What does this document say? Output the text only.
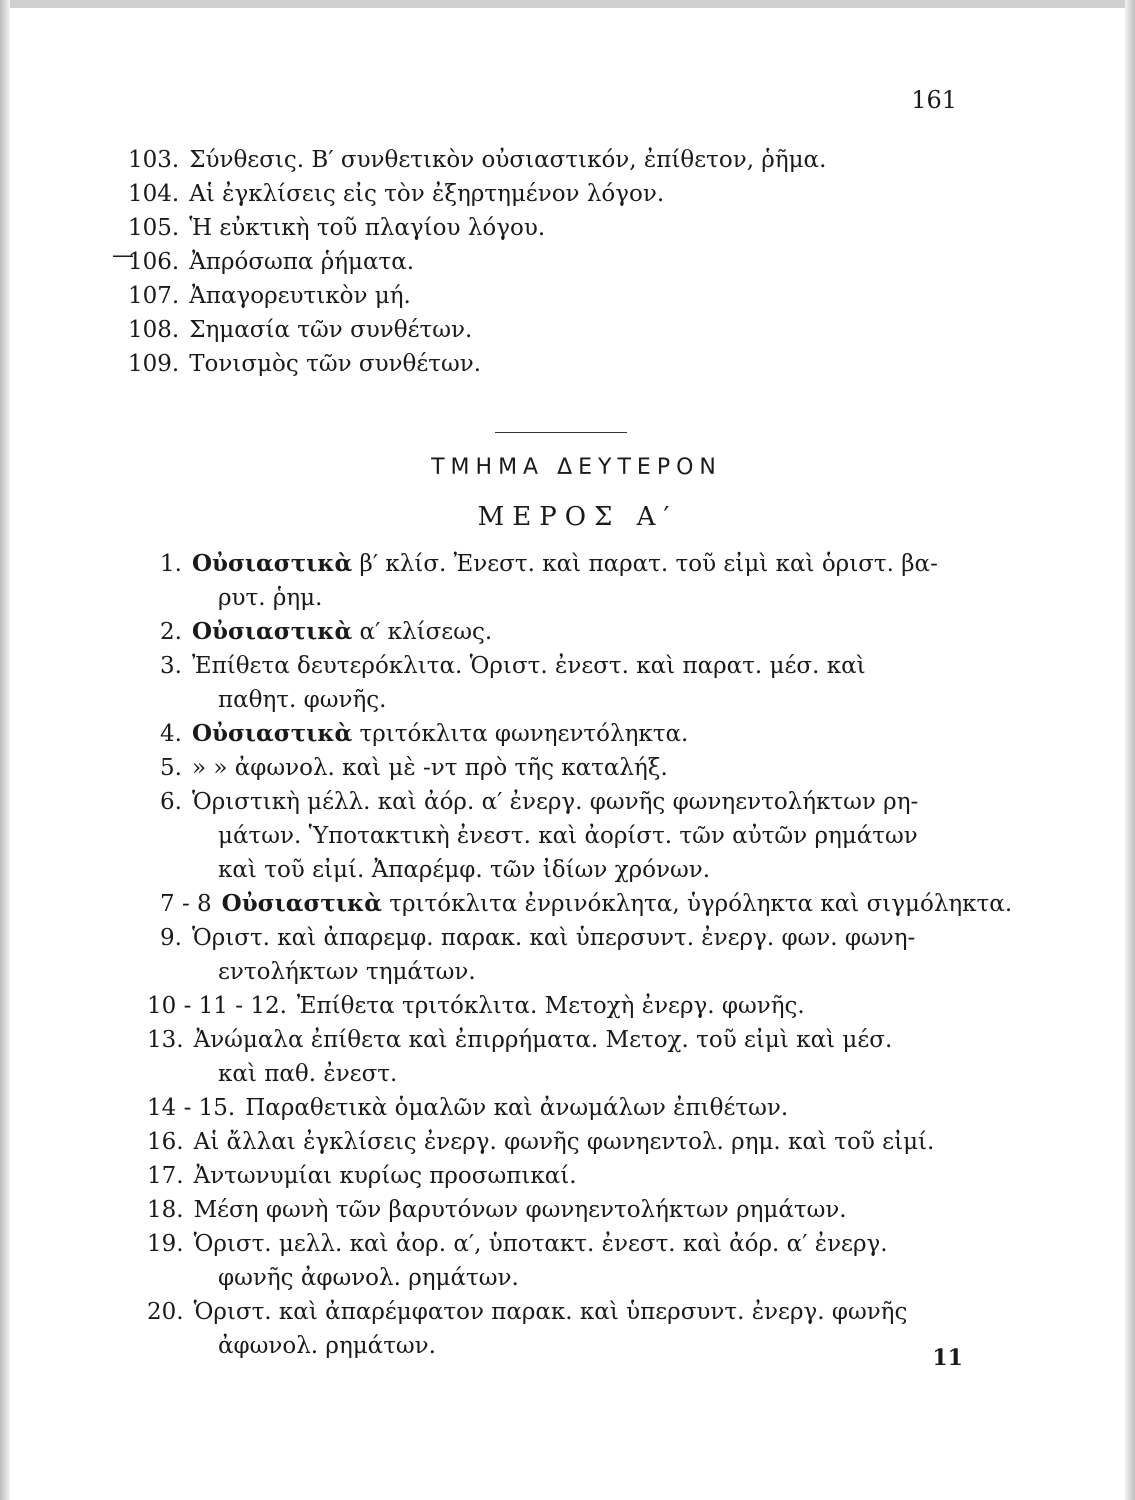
161
—
103. Σύνθεσις. Β′ συνθετικὸν οὐσιαστικόν, ἐπίθετον, ῥῆμα.
104. Αἱ ἐγκλίσεις εἰς τὸν ἐξηρτημένον λόγον.
105. Ἡ εὐκτικὴ τοῦ πλαγίου λόγου.
106. Ἀπρόσωπα ῥήματα.
107. Ἀπαγορευτικὸν μή.
108. Σημασία τῶν συνθέτων.
109. Τονισμὸς τῶν συνθέτων.
ΤΜΗΜΑ ΔΕΥΤΕΡΟΝ
ΜΕΡΟΣ Α′
1. Οὐσιαστικὰ β′ κλίσ. Ἐνεστ. καὶ παρατ. τοῦ εἰμὶ καὶ ὁριστ. βα-
ρυτ. ῥημ.
2. Οὐσιαστικὰ α′ κλίσεως.
3. Ἐπίθετα δευτερόκλιτα. Ὁριστ. ἐνεστ. καὶ παρατ. μέσ. καὶ
παθητ. φωνῆς.
4. Οὐσιαστικὰ τριτόκλιτα φωνηεντόληκτα.
5. » » ἀφωνολ. καὶ μὲ -ντ πρὸ τῆς καταλήξ.
6. Ὁριστικὴ μέλλ. καὶ ἀόρ. α′ ἐνεργ. φωνῆς φωνηεντολήκτων ρη-
μάτων. Ὑποτακτικὴ ἐνεστ. καὶ ἀορίστ. τῶν αὐτῶν ρημάτων
καὶ τοῦ εἰμί. Ἀπαρέμφ. τῶν ἰδίων χρόνων.
7 - 8 Οὐσιαστικὰ τριτόκλιτα ἐνρινόκλητα, ὑγρόληκτα καὶ σιγμόληκτα.
9. Ὁριστ. καὶ ἀπαρεμφ. παρακ. καὶ ὑπερσυντ. ἐνεργ. φων. φωνη-
εντολήκτων τημάτων.
10 - 11 - 12. Ἐπίθετα τριτόκλιτα. Μετοχὴ ἐνεργ. φωνῆς.
13. Ἀνώμαλα ἐπίθετα καὶ ἐπιρρήματα. Μετοχ. τοῦ εἰμὶ καὶ μέσ.
καὶ παθ. ἐνεστ.
14 - 15. Παραθετικὰ ὁμαλῶν καὶ ἀνωμάλων ἐπιθέτων.
16. Αἱ ἄλλαι ἐγκλίσεις ἐνεργ. φωνῆς φωνηεντολ. ρημ. καὶ τοῦ εἰμί.
17. Ἀντωνυμίαι κυρίως προσωπικαί.
18. Μέση φωνὴ τῶν βαρυτόνων φωνηεντολήκτων ρημάτων.
19. Ὁριστ. μελλ. καὶ ἀορ. α′, ὑποτακτ. ἐνεστ. καὶ ἀόρ. α′ ἐνεργ.
φωνῆς ἀφωνολ. ρημάτων.
20. Ὁριστ. καὶ ἀπαρέμφατον παρακ. καὶ ὑπερσυντ. ἐνεργ. φωνῆς
ἀφωνολ. ρημάτων.	11
